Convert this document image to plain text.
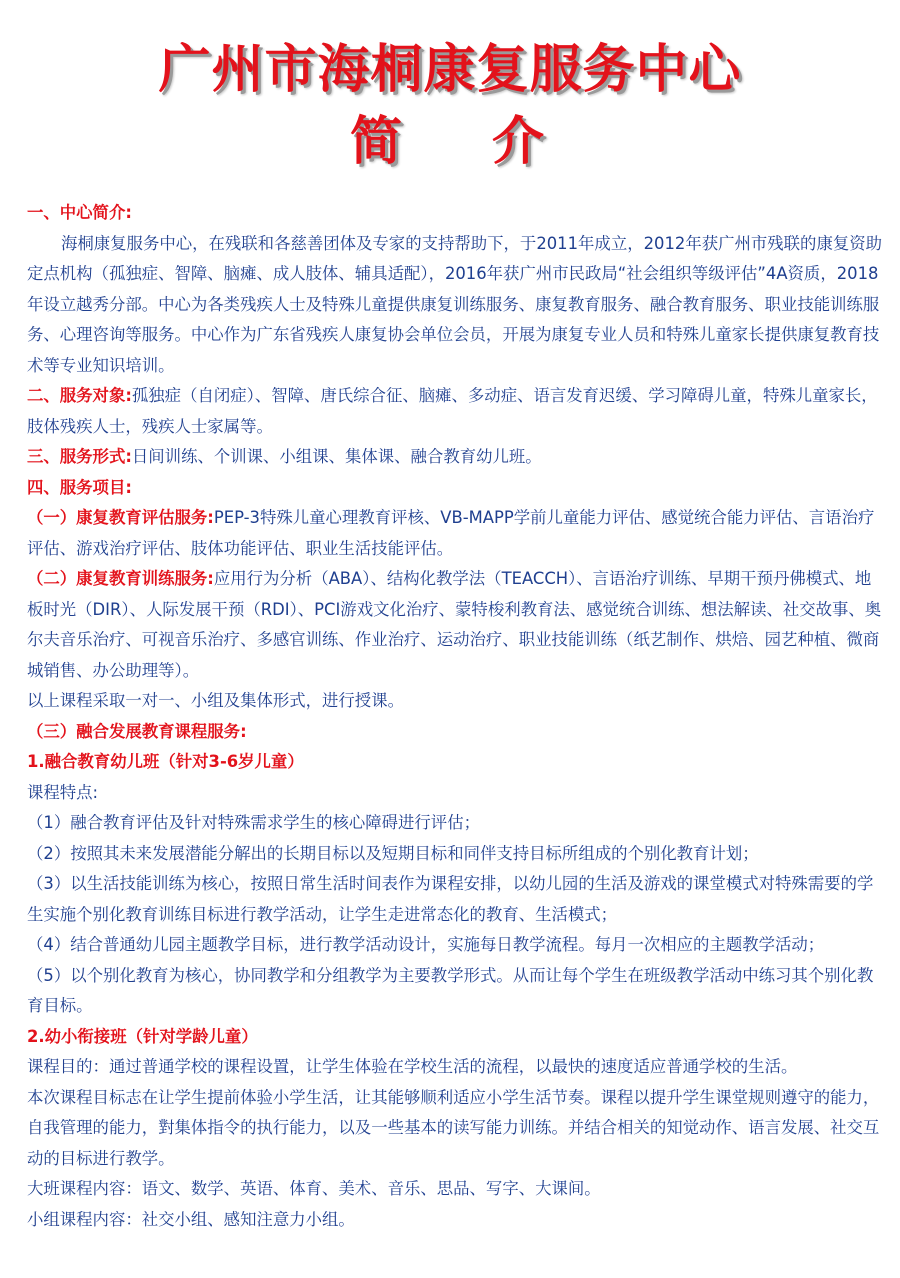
广州市海桐康复服务中心
简 介

一、中心简介:

海桐康复服务中心，在残联和各慈善团体及专家的支持帮助下，于2011年成立，2012年获广州市残联的康复资助定点机构（孤独症、智障、脑瘫、成人肢体、辅具适配），2016年获广州市民政局“社会组织等级评估”4A资质，2018年设立越秀分部。中心为各类残疾人士及特殊儿童提供康复训练服务、康复教育服务、融合教育服务、职业技能训练服务、心理咨询等服务。中心作为广东省残疾人康复协会单位会员，开展为康复专业人员和特殊儿童家长提供康复教育技术等专业知识培训。

二、服务对象:孤独症（自闭症）、智障、唐氏综合征、脑瘫、多动症、语言发育迟缓、学习障碍儿童，特殊儿童家长，肢体残疾人士，残疾人士家属等。

三、服务形式:日间训练、个训课、小组课、集体课、融合教育幼儿班。

四、服务项目:

（一）康复教育评估服务:PEP-3特殊儿童心理教育评核、VB-MAPP学前儿童能力评估、感觉统合能力评估、言语治疗评估、游戏治疗评估、肢体功能评估、职业生活技能评估。

（二）康复教育训练服务:应用行为分析（ABA）、结构化教学法（TEACCH）、言语治疗训练、早期干预丹佛模式、地板时光（DIR）、人际发展干预（RDI）、PCI游戏文化治疗、蒙特梭利教育法、感觉统合训练、想法解读、社交故事、奥尔夫音乐治疗、可视音乐治疗、多感官训练、作业治疗、运动治疗、职业技能训练（纸艺制作、烘焙、园艺种植、微商城销售、办公助理等）。

以上课程采取一对一、小组及集体形式，进行授课。

（三）融合发展教育课程服务:

1.融合教育幼儿班（针对3-6岁儿童）

课程特点:

（1）融合教育评估及针对特殊需求学生的核心障碍进行评估；

（2）按照其未来发展潜能分解出的长期目标以及短期目标和同伴支持目标所组成的个别化教育计划；

（3）以生活技能训练为核心，按照日常生活时间表作为课程安排，以幼儿园的生活及游戏的课堂模式对特殊需要的学生实施个别化教育训练目标进行教学活动，让学生走进常态化的教育、生活模式；

（4）结合普通幼儿园主题教学目标，进行教学活动设计，实施每日教学流程。每月一次相应的主题教学活动；

（5）以个别化教育为核心，协同教学和分组教学为主要教学形式。从而让每个学生在班级教学活动中练习其个别化教育目标。

2.幼小衔接班（针对学龄儿童）

课程目的：通过普通学校的课程设置，让学生体验在学校生活的流程，以最快的速度适应普通学校的生活。

本次课程目标志在让学生提前体验小学生活，让其能够顺利适应小学生活节奏。课程以提升学生课堂规则遵守的能力，自我管理的能力，對集体指令的执行能力，以及一些基本的读写能力训练。并结合相关的知觉动作、语言发展、社交互动的目标进行教学。

大班课程内容：语文、数学、英语、体育、美术、音乐、思品、写字、大课间。

小组课程内容：社交小组、感知注意力小组。
